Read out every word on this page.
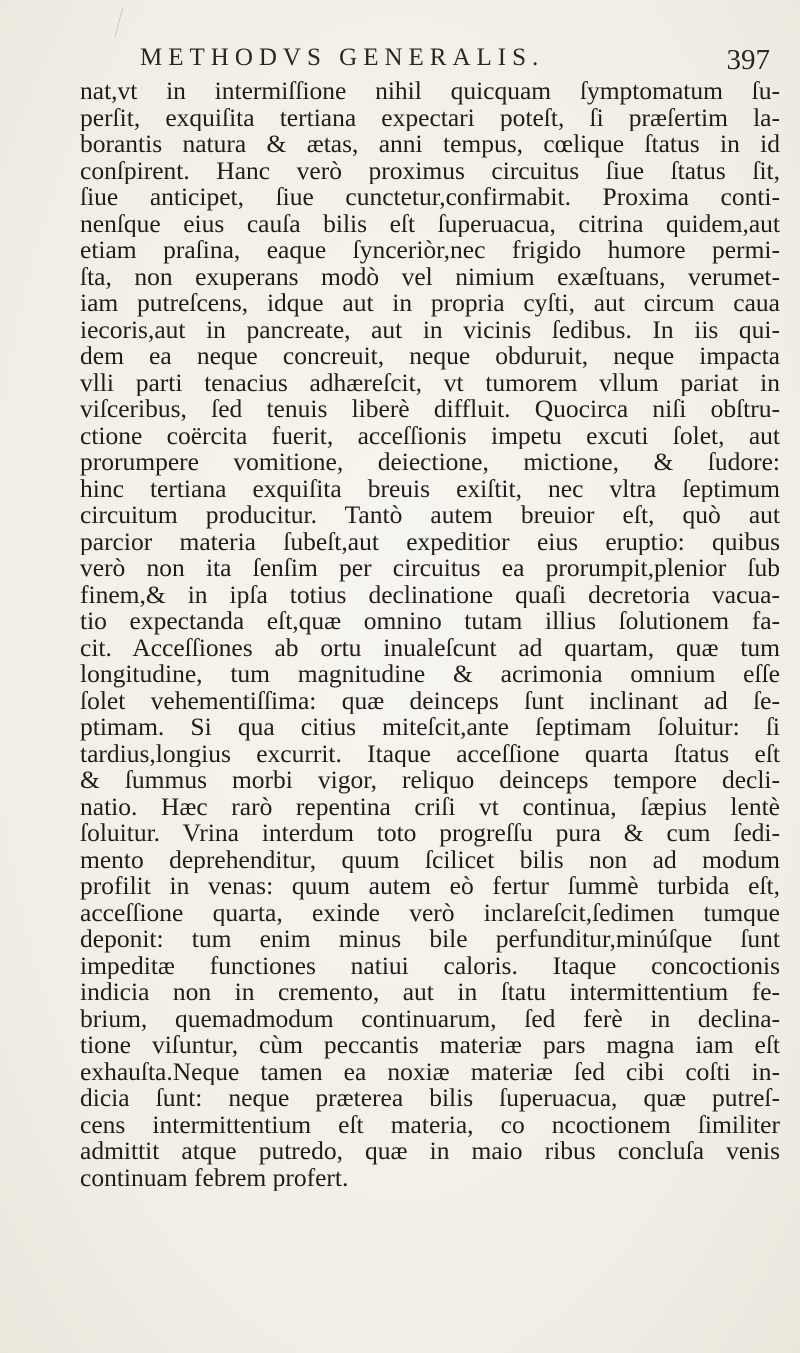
METHODVS GENERALIS.	397
nat,vt in intermiſſione nihil quicquam ſymptomatum ſu-
perſit, exquiſita tertiana expectari poteſt, ſi præſertim la-
borantis natura & ætas, anni tempus, cœlique ſtatus in id
conſpirent. Hanc verò proximus circuitus ſiue ſtatus ſit,
ſiue anticipet, ſiue cunctetur,confirmabit. Proxima conti-
nenſque eius cauſa bilis eſt ſuperuacua, citrina quidem,aut
etiam praſina, eaque ſynceriòr,nec frigido humore permi-
ſta, non exuperans modò vel nimium exæſtuans, verumet-
iam putreſcens, idque aut in propria cyſti, aut circum caua
iecoris,aut in pancreate, aut in vicinis ſedibus. In iis qui-
dem ea neque concreuit, neque obduruit, neque impacta
vlli parti tenacius adhæreſcit, vt tumorem vllum pariat in
viſceribus, ſed tenuis liberè diffluit. Quocirca niſi obſtru-
ctione coërcita fuerit, acceſſionis impetu excuti ſolet, aut
prorumpere vomitione, deiectione, mictione, & ſudore:
hinc tertiana exquiſita breuis exiſtit, nec vltra ſeptimum
circuitum producitur. Tantò autem breuior eſt, quò aut
parcior materia ſubeſt,aut expeditior eius eruptio: quibus
verò non ita ſenſim per circuitus ea prorumpit,plenior ſub
finem,& in ipſa totius declinatione quaſi decretoria vacua-
tio expectanda eſt,quæ omnino tutam illius ſolutionem fa-
cit. Acceſſiones ab ortu inualeſcunt ad quartam, quæ tum
longitudine, tum magnitudine & acrimonia omnium eſſe
ſolet vehementiſſima: quæ deinceps ſunt inclinant ad ſe-
ptimam. Si qua citius miteſcit,ante ſeptimam ſoluitur: ſi
tardius,longius excurrit. Itaque acceſſione quarta ſtatus eſt
& ſummus morbi vigor, reliquo deinceps tempore decli-
natio. Hæc rarò repentina criſi vt continua, ſæpius lentè
ſoluitur. Vrina interdum toto progreſſu pura & cum ſedi-
mento deprehenditur, quum ſcilicet bilis non ad modum
profilit in venas: quum autem eò fertur ſummè turbida eſt,
acceſſione quarta, exinde verò inclareſcit,ſedimen tumque
deponit: tum enim minus bile perfunditur,minúſque ſunt
impeditæ functiones natiui caloris. Itaque concoctionis
indicia non in cremento, aut in ſtatu intermittentium fe-
brium, quemadmodum continuarum, ſed ferè in declina-
tione viſuntur, cùm peccantis materiæ pars magna iam eſt
exhauſta.Neque tamen ea noxiæ materiæ ſed cibi coſti in-
dicia ſunt: neque præterea bilis ſuperuacua, quæ putreſ-
cens intermittentium eſt materia, co ncoctionem ſimiliter
admittit atque putredo, quæ in maio ribus concluſa venis
continuam febrem profert.
